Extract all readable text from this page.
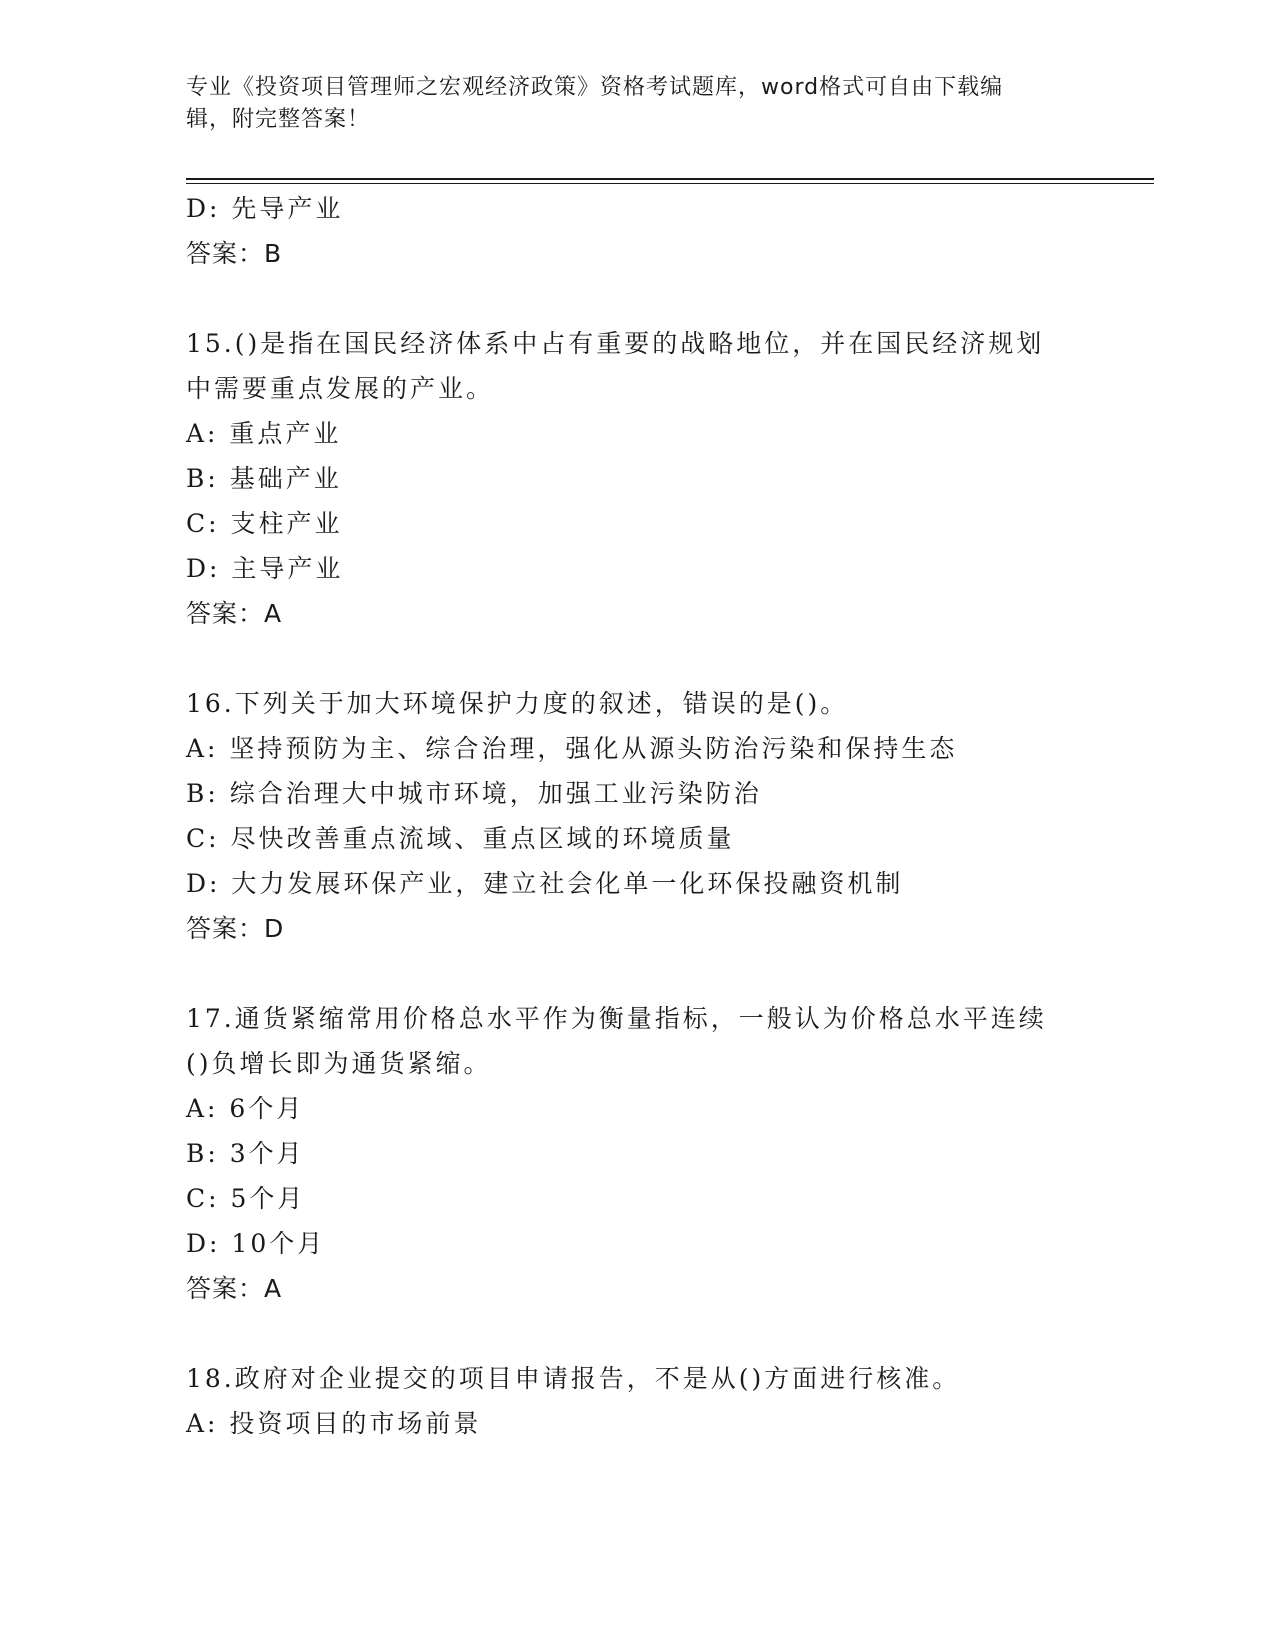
专业《投资项目管理师之宏观经济政策》资格考试题库，word格式可自由下载编
辑，附完整答案！
D: 先导产业
答案：B
15.()是指在国民经济体系中占有重要的战略地位，并在国民经济规划
中需要重点发展的产业。
A: 重点产业
B: 基础产业
C: 支柱产业
D: 主导产业
答案：A
16.下列关于加大环境保护力度的叙述，错误的是()。
A: 坚持预防为主、综合治理，强化从源头防治污染和保持生态
B: 综合治理大中城市环境，加强工业污染防治
C: 尽快改善重点流域、重点区域的环境质量
D: 大力发展环保产业，建立社会化单一化环保投融资机制
答案：D
17.通货紧缩常用价格总水平作为衡量指标，一般认为价格总水平连续
()负增长即为通货紧缩。
A: 6个月
B: 3个月
C: 5个月
D: 10个月
答案：A
18.政府对企业提交的项目申请报告，不是从()方面进行核准。
A: 投资项目的市场前景
